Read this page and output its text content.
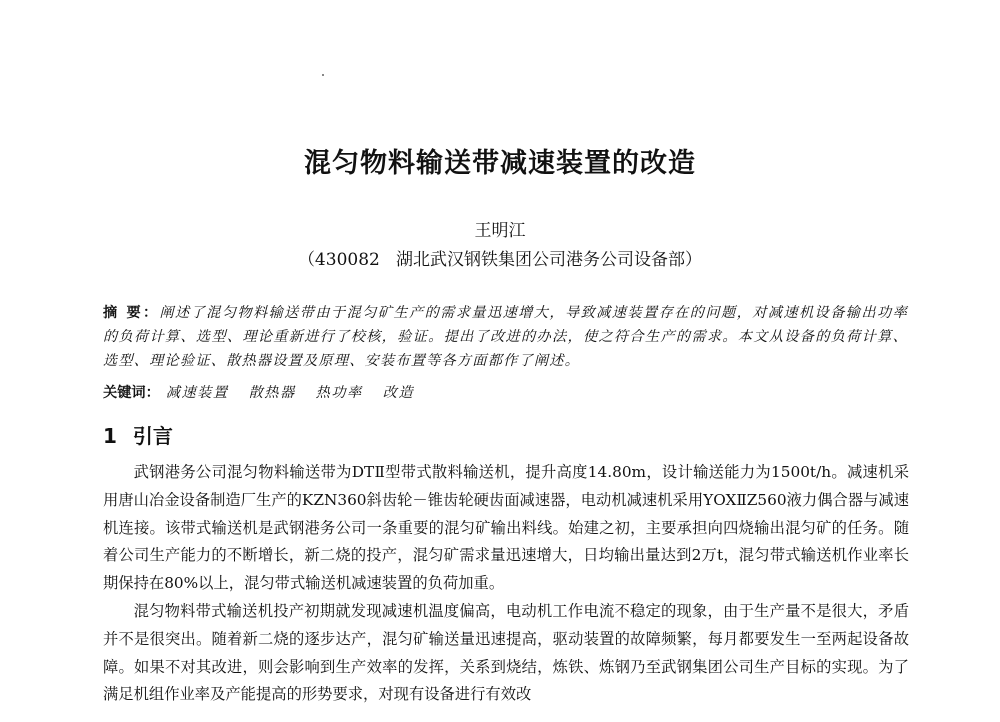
混匀物料输送带减速装置的改造
王明江
（430082   湖北武汉钢铁集团公司港务公司设备部）
摘 要：阐述了混匀物料输送带由于混匀矿生产的需求量迅速增大，导致减速装置存在的问题，对减速机设备输出功率的负荷计算、选型、理论重新进行了校核，验证。提出了改进的办法，使之符合生产的需求。本文从设备的负荷计算、选型、理论验证、散热器设置及原理、安装布置等各方面都作了阐述。
关键词： 减速装置 散热器 热功率 改造
1 引言

武钢港务公司混匀物料输送带为DTⅡ型带式散料输送机，提升高度14.80m，设计输送能力为1500t/h。减速机采用唐山冶金设备制造厂生产的KZN360斜齿轮－锥齿轮硬齿面减速器，电动机减速机采用YOXⅡZ560液力偶合器与减速机连接。该带式输送机是武钢港务公司一条重要的混匀矿输出料线。始建之初，主要承担向四烧输出混匀矿的任务。随着公司生产能力的不断增长，新二烧的投产，混匀矿需求量迅速增大，日均输出量达到2万t，混匀带式输送机作业率长期保持在80%以上，混匀带式输送机减速装置的负荷加重。

混匀物料带式输送机投产初期就发现减速机温度偏高，电动机工作电流不稳定的现象，由于生产量不是很大，矛盾并不是很突出。随着新二烧的逐步达产，混匀矿输送量迅速提高，驱动装置的故障频繁，每月都要发生一至两起设备故障。如果不对其改进，则会影响到生产效率的发挥，关系到烧结，炼铁、炼钢乃至武钢集团公司生产目标的实现。为了满足机组作业率及产能提高的形势要求，对现有设备进行有效改
